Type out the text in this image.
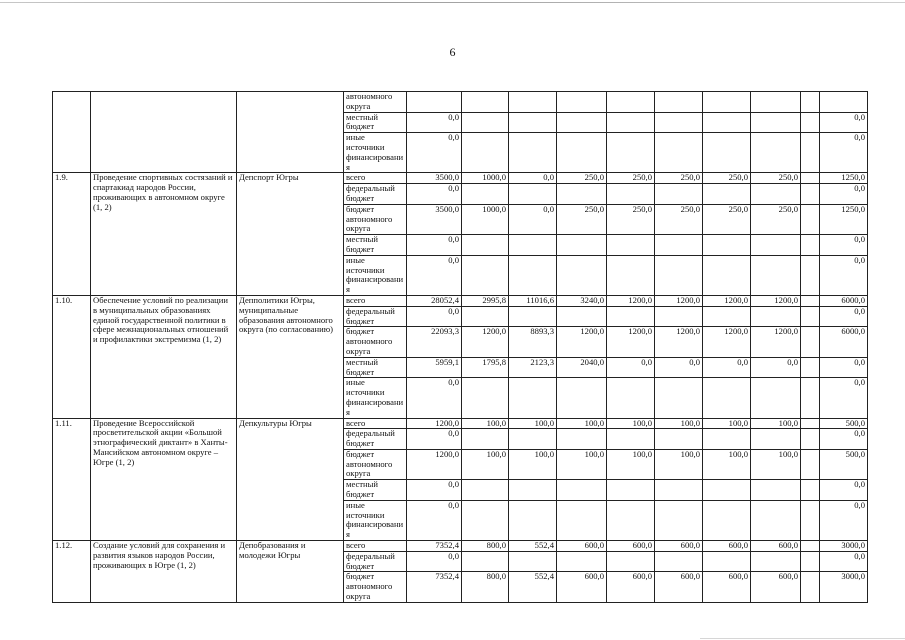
6
			автономного округа										
			местный бюджет	0,0									0,0
			иные источники финансирования	0,0									0,0
1.9.	Проведение спортивных состязаний и спартакиад народов России, проживающих в автономном округе (1, 2)	Депспорт Югры	всего	3500,0	1000,0	0,0	250,0	250,0	250,0	250,0	250,0		1250,0
			федеральный бюджет	0,0									0,0
			бюджет автономного округа	3500,0	1000,0	0,0	250,0	250,0	250,0	250,0	250,0		1250,0
			местный бюджет	0,0									0,0
			иные источники финансирования	0,0									0,0
1.10.	Обеспечение условий по реализации в муниципальных образованиях единой государственной политики в сфере межнациональных отношений и профилактики экстремизма (1, 2)	Депполитики Югры, муниципальные образования автономного округа (по согласованию)	всего	28052,4	2995,8	11016,6	3240,0	1200,0	1200,0	1200,0	1200,0		6000,0
			федеральный бюджет	0,0									0,0
			бюджет автономного округа	22093,3	1200,0	8893,3	1200,0	1200,0	1200,0	1200,0	1200,0		6000,0
			местный бюджет	5959,1	1795,8	2123,3	2040,0	0,0	0,0	0,0	0,0		0,0
			иные источники финансирования	0,0									0,0
1.11.	Проведение Всероссийской просветительской акции «Большой этнографический диктант» в Ханты-Мансийском автономном округе – Югре (1, 2)	Депкультуры Югры	всего	1200,0	100,0	100,0	100,0	100,0	100,0	100,0	100,0		500,0
			федеральный бюджет	0,0									0,0
			бюджет автономного округа	1200,0	100,0	100,0	100,0	100,0	100,0	100,0	100,0		500,0
			местный бюджет	0,0									0,0
			иные источники финансирования	0,0									0,0
1.12.	Создание условий для сохранения и развития языков народов России, проживающих в Югре (1, 2)	Депобразования и молодежи Югры	всего	7352,4	800,0	552,4	600,0	600,0	600,0	600,0	600,0		3000,0
			федеральный бюджет	0,0									0,0
			бюджет автономного округа	7352,4	800,0	552,4	600,0	600,0	600,0	600,0	600,0		3000,0
